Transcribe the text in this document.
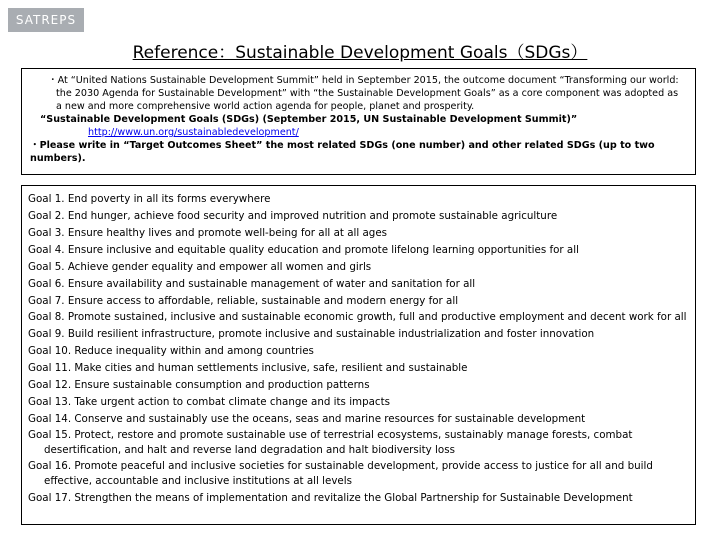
SATREPS
Reference：Sustainable Development Goals（SDGs）

・At “United Nations Sustainable Development Summit” held in September 2015, the outcome document “Transforming our world: the 2030 Agenda for Sustainable Development” with “the Sustainable Development Goals” as a core component was adopted as a new and more comprehensive world action agenda for people, planet and prosperity.

“Sustainable Development Goals (SDGs) (September 2015, UN Sustainable Development Summit)”

http://www.un.org/sustainabledevelopment/

・Please write in “Target Outcomes Sheet” the most related SDGs (one number) and other related SDGs (up to two numbers).

Goal 1. End poverty in all its forms everywhere

Goal 2. End hunger, achieve food security and improved nutrition and promote sustainable agriculture

Goal 3. Ensure healthy lives and promote well-being for all at all ages

Goal 4. Ensure inclusive and equitable quality education and promote lifelong learning opportunities for all

Goal 5. Achieve gender equality and empower all women and girls

Goal 6. Ensure availability and sustainable management of water and sanitation for all

Goal 7. Ensure access to affordable, reliable, sustainable and modern energy for all

Goal 8. Promote sustained, inclusive and sustainable economic growth, full and productive employment and decent work for all

Goal 9. Build resilient infrastructure, promote inclusive and sustainable industrialization and foster innovation

Goal 10. Reduce inequality within and among countries

Goal 11. Make cities and human settlements inclusive, safe, resilient and sustainable

Goal 12. Ensure sustainable consumption and production patterns

Goal 13. Take urgent action to combat climate change and its impacts

Goal 14. Conserve and sustainably use the oceans, seas and marine resources for sustainable development

Goal 15. Protect, restore and promote sustainable use of terrestrial ecosystems, sustainably manage forests, combat desertification, and halt and reverse land degradation and halt biodiversity loss

Goal 16. Promote peaceful and inclusive societies for sustainable development, provide access to justice for all and build effective, accountable and inclusive institutions at all levels

Goal 17. Strengthen the means of implementation and revitalize the Global Partnership for Sustainable Development
